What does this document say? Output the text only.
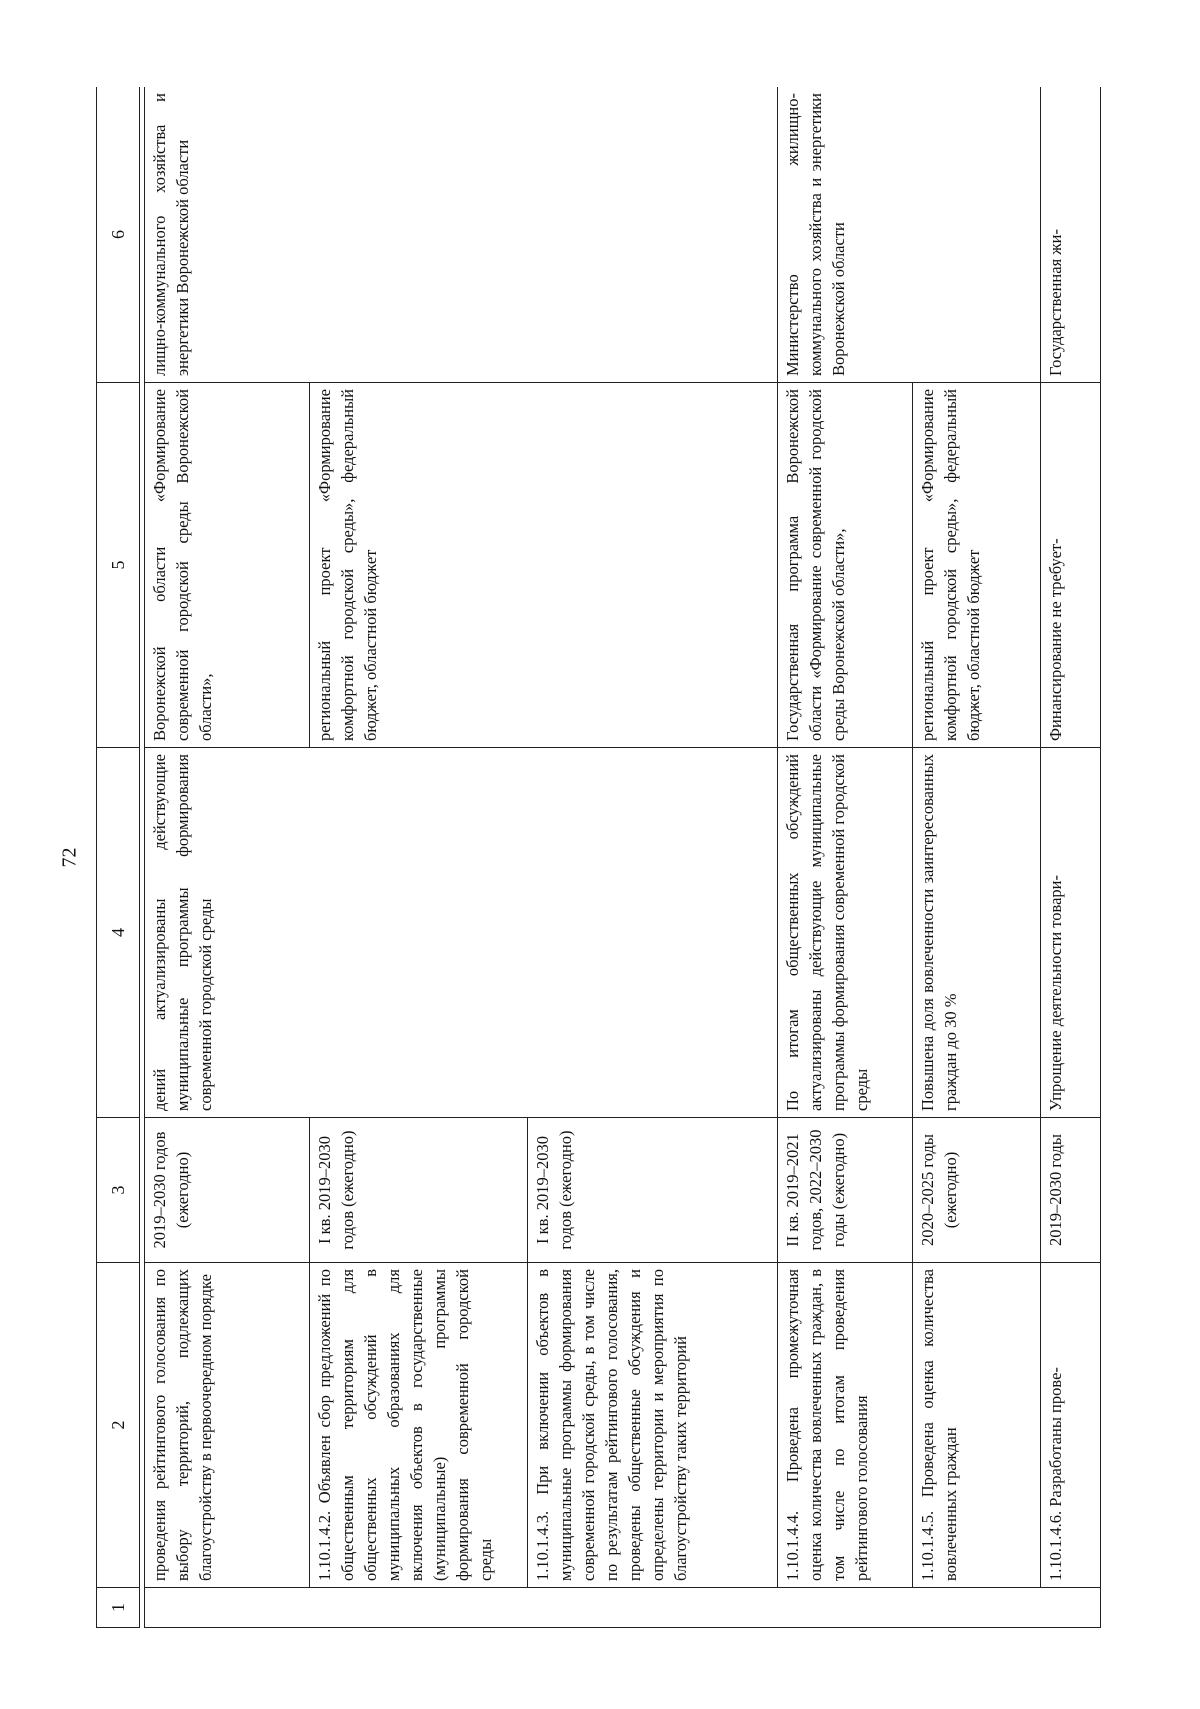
72
1	2	3	4	5	6

	проведения рейтингового голосования по выбору территорий, подлежащих благоустройству в первоочередном порядке	2019–2030 годов (ежегодно)	дений актуализированы действующие муниципальные программы формирования современной городской среды	Воронежской области «Формирование современной городской среды Воронежской области»,	лищно-коммунального хозяйства и энергетики Воронежской области
	1.10.1.4.2. Объявлен сбор предложений по общественным территориям для общественных обсуждений в муниципальных образованиях для включения объектов в государственные (муниципальные) программы формирования современной городской среды	I кв. 2019–2030 годов (ежегодно)		региональный проект «Формирование комфортной городской среды», федеральный бюджет, областной бюджет	
	1.10.1.4.3. При включении объектов в муниципальные программы формирования современной городской среды, в том числе по результатам рейтингового голосования, проведены общественные обсуждения и определены территории и мероприятия по благоустройству таких территорий	I кв. 2019–2030 годов (ежегодно)			
	1.10.1.4.4. Проведена промежуточная оценка количества вовлеченных граждан, в том числе по итогам проведения рейтингового голосования	II кв. 2019–2021 годов, 2022–2030 годы (ежегодно)	По итогам общественных обсуждений актуализированы действующие муниципальные программы формирования современной городской среды	Государственная программа Воронежской области «Формирование современной городской среды Воронежской области»,	Министерство жилищно-коммунального хозяйства и энергетики Воронежской области
	1.10.1.4.5. Проведена оценка количества вовлеченных граждан	2020–2025 годы (ежегодно)	Повышена доля вовлеченности заинтересованных граждан до 30 %	региональный проект «Формирование комфортной городской среды», федеральный бюджет, областной бюджет	
	1.10.1.4.6. Разработаны прове-	2019–2030 годы	Упрощение деятельности товари-	Финансирование не требует-	Государственная жи-
